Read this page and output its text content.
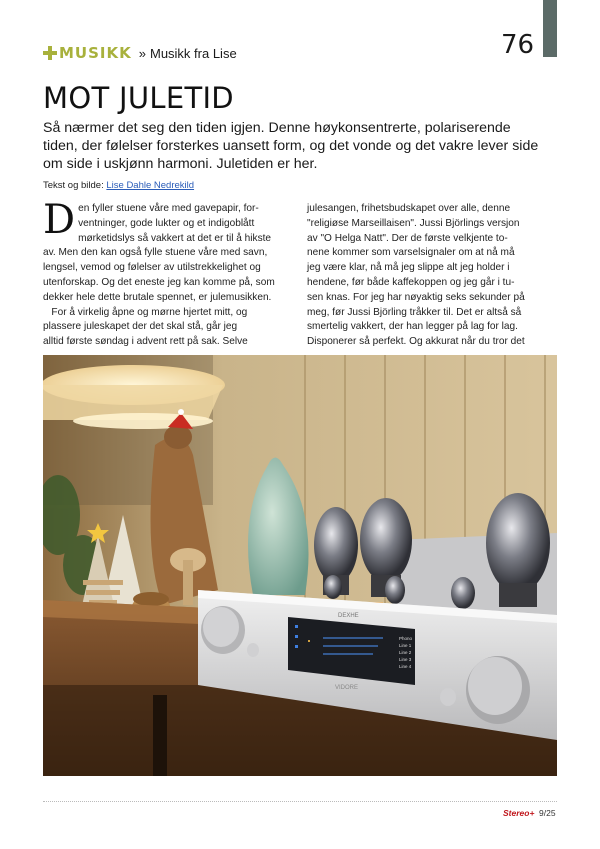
MUSIKK » Musikk fra Lise	76
MOT JULETID

Så nærmer det seg den tiden igjen. Denne høykonsentrerte, polariserende tiden, der følelser forsterkes uansett form, og det vonde og det vakre lever side om side i uskjønn harmoni. Juletiden er her.

Tekst og bilde: Lise Dahle Nedrekild
D en fyller stuene våre med gavepapir, for-
ventninger, gode lukter og et indigoblått
mørketidslys så vakkert at det er til å hikste
av. Men den kan også fylle stuene våre med savn,
lengsel, vemod og følelser av utilstrekkelighet og
utenforskap. Og det eneste jeg kan komme på, som
dekker hele dette brutale spennet, er julemusikken.
For å virkelig åpne og mørne hjertet mitt, og
plassere juleskapet der det skal stå, går jeg
alltid første søndag i advent rett på sak. Selve
julesangen, frihetsbudskapet over alle, denne
"religiøse Marseillaisen". Jussi Björlings versjon
av "O Helga Natt". Der de første velkjente to-
nene kommer som varselsignaler om at nå må
jeg være klar, nå må jeg slippe alt jeg holder i
hendene, før både kaffekoppen og jeg går i tu-
sen knas. For jeg har nøyaktig seks sekunder på
meg, før Jussi Björling tråkker til. Det er altså så
smertelig vakkert, der han legger på lag for lag.
Disponerer så perfekt. Og akkurat når du tror det
DEXHE
VIDORE
Phono
Line 1
Line 2
Line 3
Line 4
Stereo+ 9/25
